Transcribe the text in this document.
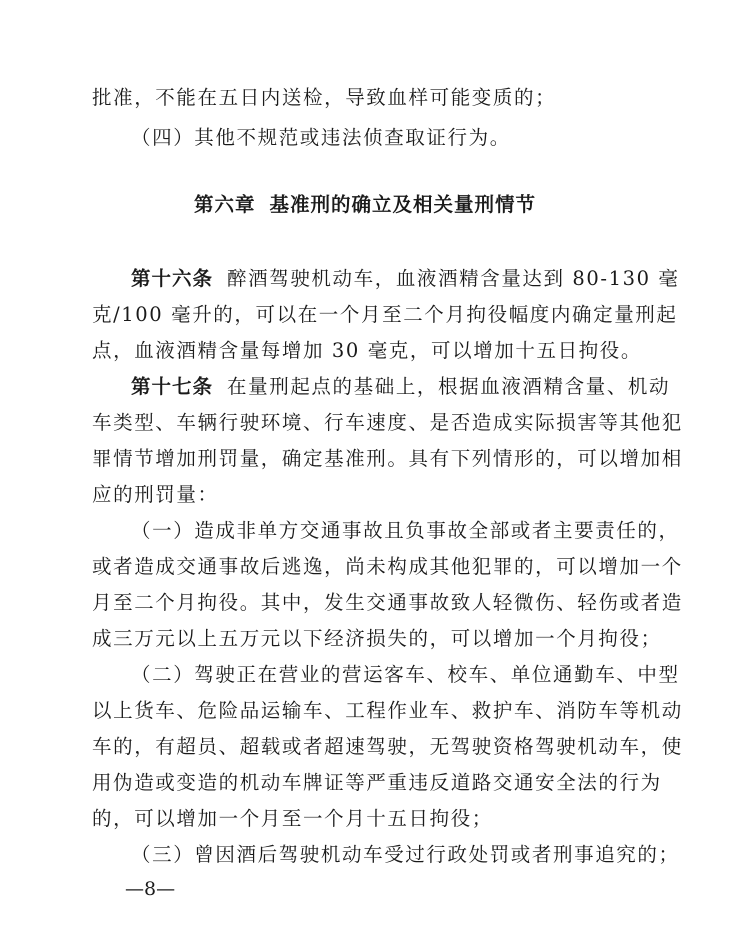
批准，不能在五日内送检，导致血样可能变质的；
（四）其他不规范或违法侦查取证行为。
第六章 基准刑的确立及相关量刑情节
第十六条 醉酒驾驶机动车，血液酒精含量达到 80-130 毫
克/100 毫升的，可以在一个月至二个月拘役幅度内确定量刑起
点，血液酒精含量每增加 30 毫克，可以增加十五日拘役。
第十七条 在量刑起点的基础上，根据血液酒精含量、机动
车类型、车辆行驶环境、行车速度、是否造成实际损害等其他犯
罪情节增加刑罚量，确定基准刑。具有下列情形的，可以增加相
应的刑罚量：
（一）造成非单方交通事故且负事故全部或者主要责任的，
或者造成交通事故后逃逸，尚未构成其他犯罪的，可以增加一个
月至二个月拘役。其中，发生交通事故致人轻微伤、轻伤或者造
成三万元以上五万元以下经济损失的，可以增加一个月拘役；
（二）驾驶正在营业的营运客车、校车、单位通勤车、中型
以上货车、危险品运输车、工程作业车、救护车、消防车等机动
车的，有超员、超载或者超速驾驶，无驾驶资格驾驶机动车，使
用伪造或变造的机动车牌证等严重违反道路交通安全法的行为
的，可以增加一个月至一个月十五日拘役；
（三）曾因酒后驾驶机动车受过行政处罚或者刑事追究的；
—8—
